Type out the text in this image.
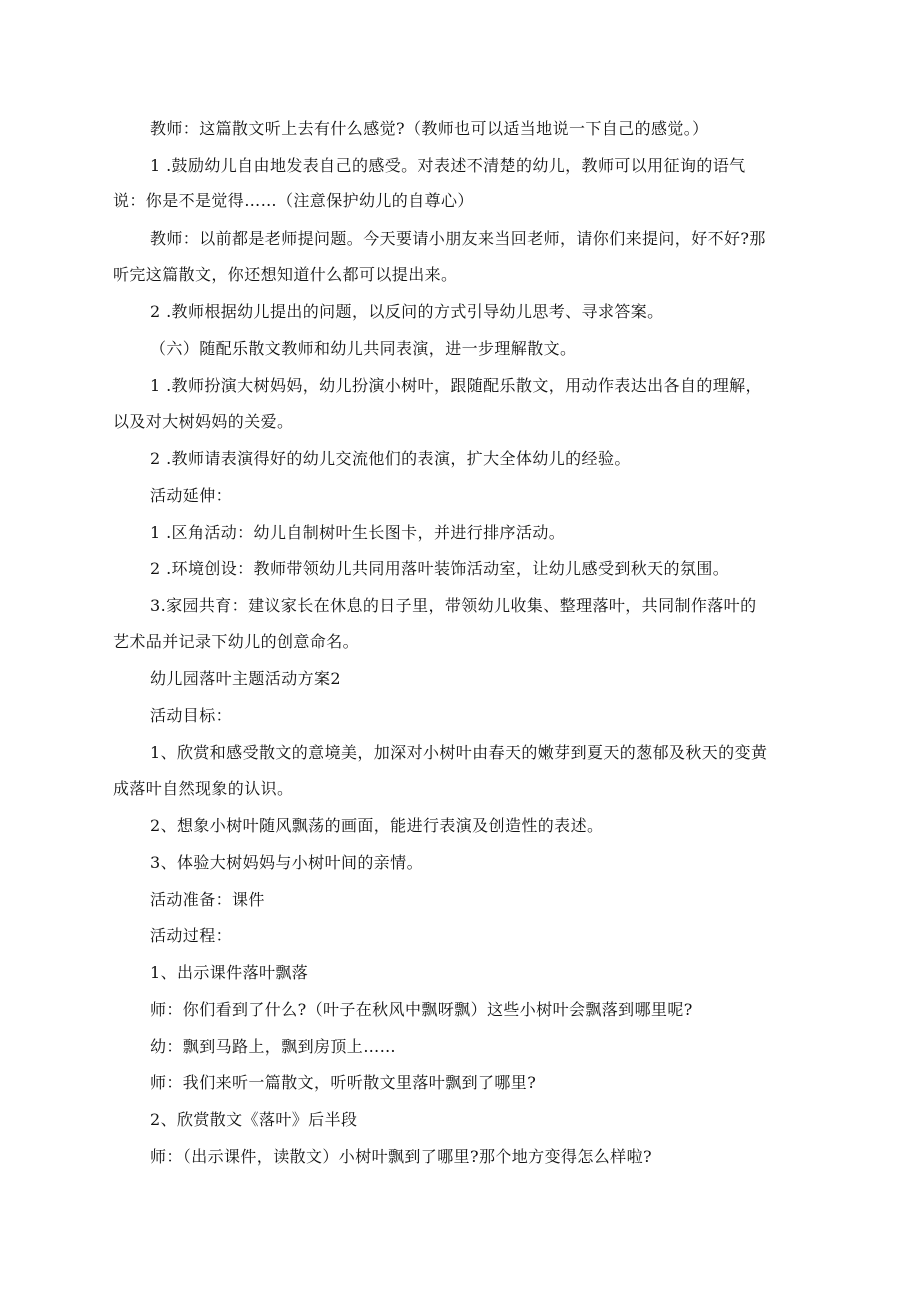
教师：这篇散文听上去有什么感觉?（教师也可以适当地说一下自己的感觉。）
1 .鼓励幼儿自由地发表自己的感受。对表述不清楚的幼儿，教师可以用征询的语气
说：你是不是觉得……（注意保护幼儿的自尊心）
教师：以前都是老师提问题。今天要请小朋友来当回老师，请你们来提问，好不好?那
听完这篇散文，你还想知道什么都可以提出来。
2 .教师根据幼儿提出的问题，以反问的方式引导幼儿思考、寻求答案。
（六）随配乐散文教师和幼儿共同表演，进一步理解散文。
1 .教师扮演大树妈妈，幼儿扮演小树叶，跟随配乐散文，用动作表达出各自的理解，
以及对大树妈妈的关爱。
2 .教师请表演得好的幼儿交流他们的表演，扩大全体幼儿的经验。
活动延伸：
1 .区角活动：幼儿自制树叶生长图卡，并进行排序活动。
2 .环境创设：教师带领幼儿共同用落叶装饰活动室，让幼儿感受到秋天的氛围。
3.家园共育：建议家长在休息的日子里，带领幼儿收集、整理落叶，共同制作落叶的
艺术品并记录下幼儿的创意命名。
幼儿园落叶主题活动方案2
活动目标：
1、欣赏和感受散文的意境美，加深对小树叶由春天的嫩芽到夏天的葱郁及秋天的变黄
成落叶自然现象的认识。
2、想象小树叶随风飘荡的画面，能进行表演及创造性的表述。
3、体验大树妈妈与小树叶间的亲情。
活动准备：课件
活动过程：
1、出示课件落叶飘落
师：你们看到了什么?（叶子在秋风中飘呀飘）这些小树叶会飘落到哪里呢?
幼：飘到马路上，飘到房顶上……
师：我们来听一篇散文，听听散文里落叶飘到了哪里?
2、欣赏散文《落叶》后半段
师：（出示课件，读散文）小树叶飘到了哪里?那个地方变得怎么样啦?
